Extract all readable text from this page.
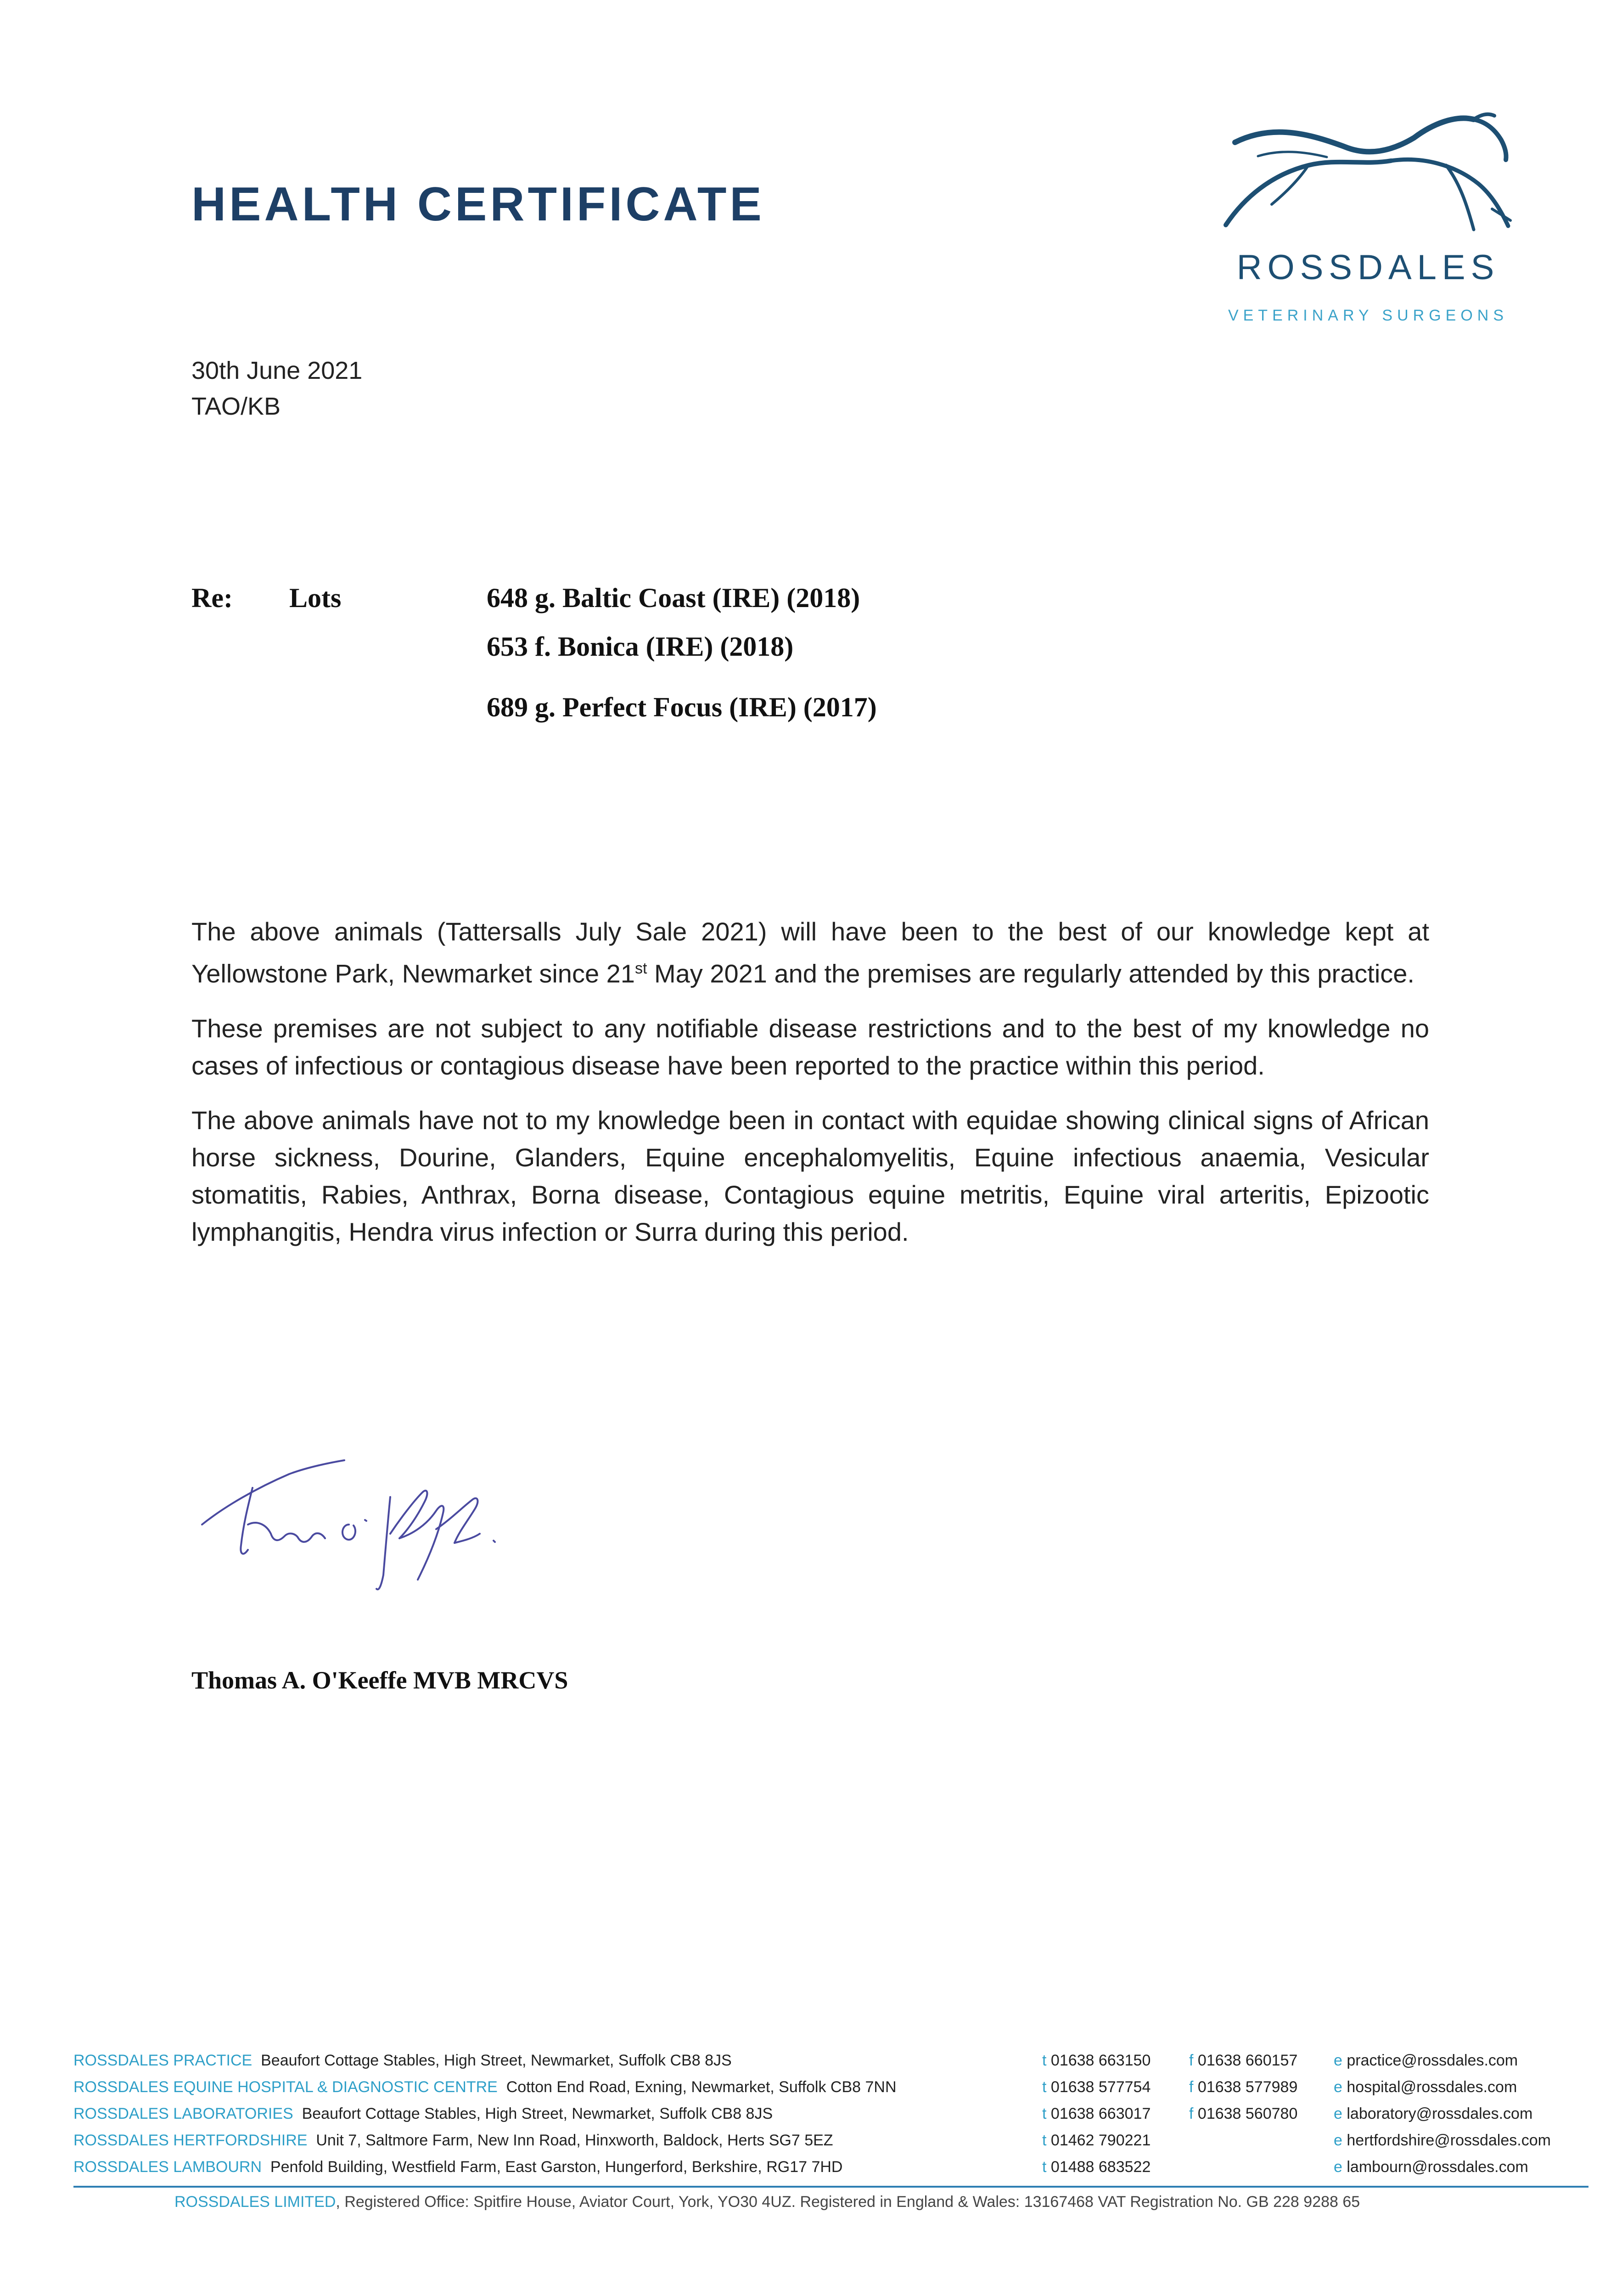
HEALTH CERTIFICATE
ROSSDALES
VETERINARY SURGEONS
30th June 2021
TAO/KB
Re: Lots	648 g. Baltic Coast (IRE) (2018)
653 f. Bonica (IRE) (2018)
689 g. Perfect Focus (IRE) (2017)

The above animals (Tattersalls July Sale 2021) will have been to the best of our knowledge kept at Yellowstone Park, Newmarket since 21st May 2021 and the premises are regularly attended by this practice.

These premises are not subject to any notifiable disease restrictions and to the best of my knowledge no cases of infectious or contagious disease have been reported to the practice within this period.

The above animals have not to my knowledge been in contact with equidae showing clinical signs of African horse sickness, Dourine, Glanders, Equine encephalomyelitis, Equine infectious anaemia, Vesicular stomatitis, Rabies, Anthrax, Borna disease, Contagious equine metritis, Equine viral arteritis, Epizootic lymphangitis, Hendra virus infection or Surra during this period.

Thomas A. O'Keeffe MVB MRCVS
ROSSDALES PRACTICE Beaufort Cottage Stables, High Street, Newmarket, Suffolk CB8 8JS	t 01638 663150 f 01638 660157 e practice@rossdales.com
ROSSDALES EQUINE HOSPITAL & DIAGNOSTIC CENTRE Cotton End Road, Exning, Newmarket, Suffolk CB8 7NN	t 01638 577754 f 01638 577989 e hospital@rossdales.com
ROSSDALES LABORATORIES Beaufort Cottage Stables, High Street, Newmarket, Suffolk CB8 8JS	t 01638 663017 f 01638 560780 e laboratory@rossdales.com
ROSSDALES HERTFORDSHIRE Unit 7, Saltmore Farm, New Inn Road, Hinxworth, Baldock, Herts SG7 5EZ	t 01462 790221	e hertfordshire@rossdales.com
ROSSDALES LAMBOURN Penfold Building, Westfield Farm, East Garston, Hungerford, Berkshire, RG17 7HD	t 01488 683522	e lambourn@rossdales.com
ROSSDALES LIMITED, Registered Office: Spitfire House, Aviator Court, York, YO30 4UZ. Registered in England & Wales: 13167468 VAT Registration No. GB 228 9288 65
